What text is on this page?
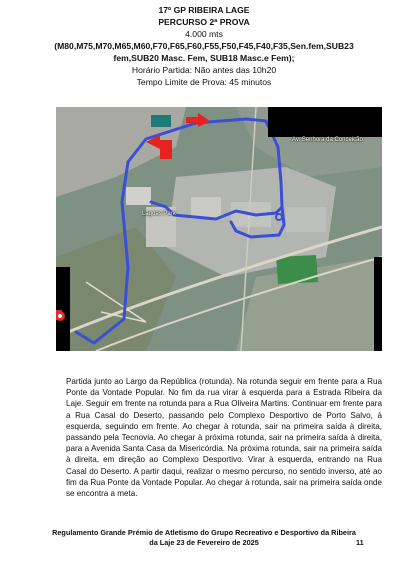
17º GP RIBEIRA LAGE
PERCURSO 2ª PROVA
4.000 mts
(M80,M75,M70,M65,M60,F70,F65,F60,F55,F50,F45,F40,F35,Sen.fem,SUB23
fem,SUB20 Masc. Fem, SUB18 Masc.e Fem);
Horário Partida: Não antes das 10h20
Tempo Limite de Prova: 45 minutos
Lagoas Park
Av. Senhora da Conceição
Partida junto ao Largo da República (rotunda). Na rotunda seguir em frente para a Rua Ponte da Vontade Popular. No fim da rua virar à esquerda para a Estrada Ribeira da Laje. Seguir em frente na rotunda para a Rua Oliveira Martins. Continuar em frente para a Rua Casal do Deserto, passando pelo Complexo Desportivo de Porto Salvo, à esquerda, seguindo em frente. Ao chegar à rotunda, sair na primeira saída à direita, passando pela Tecnovia. Ao chegar à próxima rotunda, sair na primeira saída à direita, para a Avenida Santa Casa da Misericórdia. Na próxima rotunda, sair na primeira saída à direita, em direção ao Complexo Desportivo. Virar à esquerda, entrando na Rua Casal do Deserto. A partir daqui, realizar o mesmo percurso, no sentido inverso, até ao fim da Rua Ponte da Vontade Popular. Ao chegar à rotunda, sair na primeira saída onde se encontra a meta.
Regulamento Grande Prémio de Atletismo do Grupo Recreativo e Desportivo da Ribeira
da Laje 23 de Fevereiro de 2025	11
